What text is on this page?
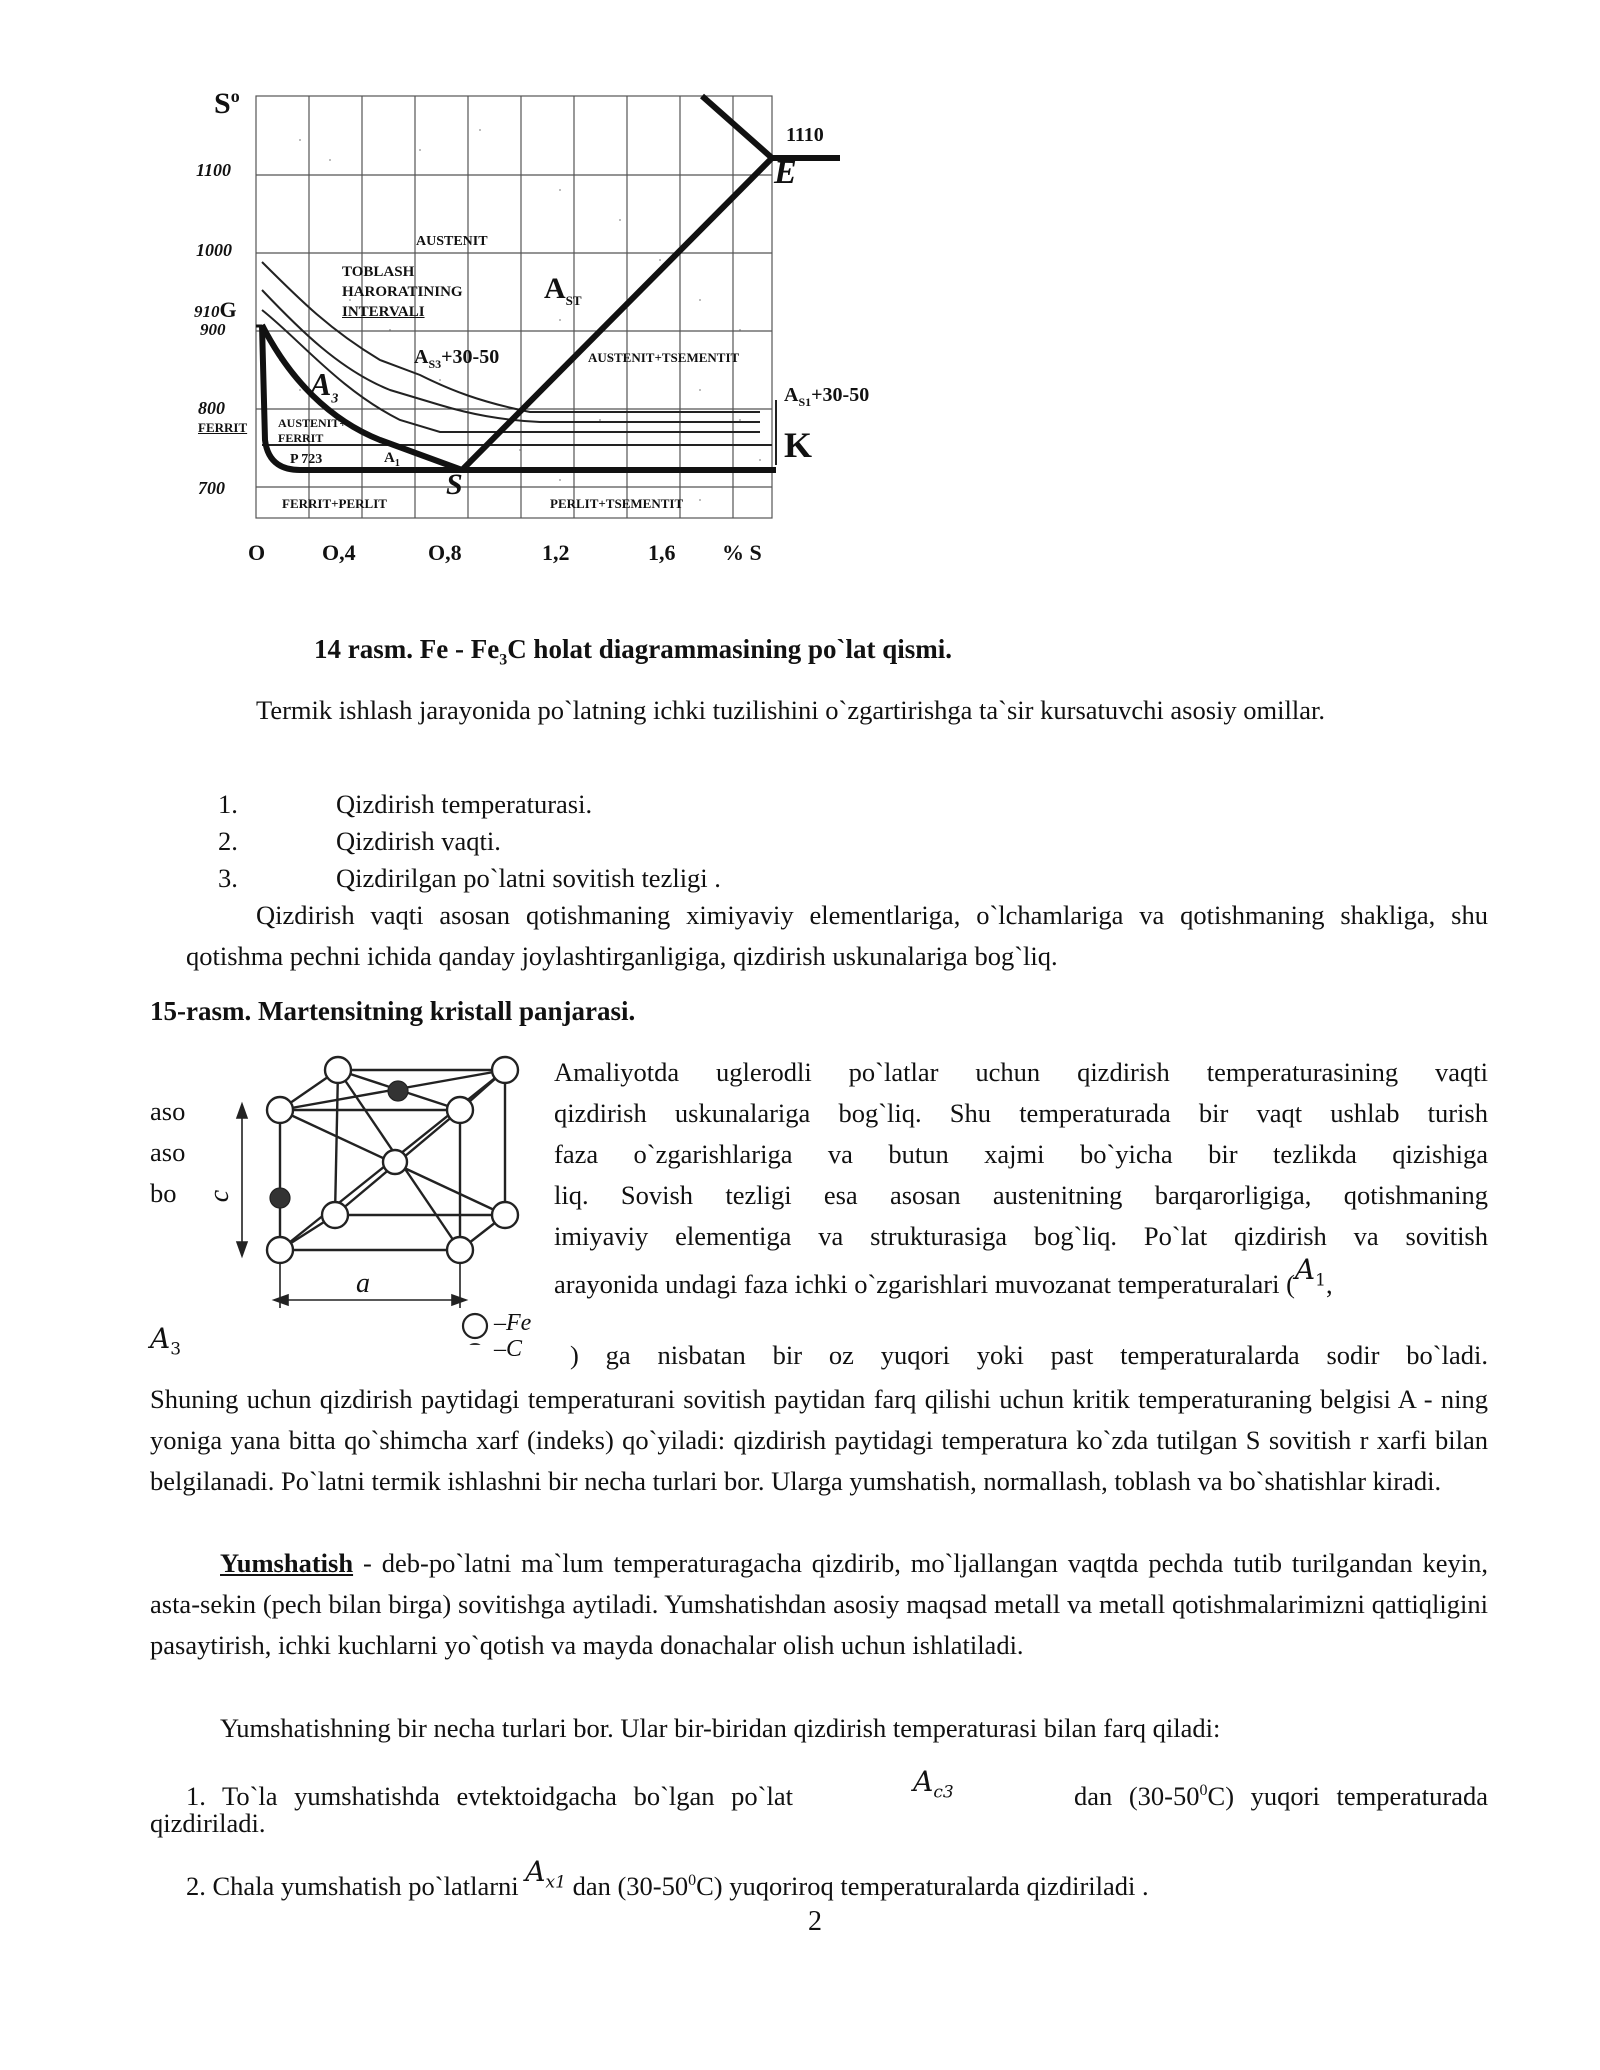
$S^o$
1100
1000
910G
900
800
FERRIT
700
O	O,4	O,8	1,2	1,6 % S
1110
E
K
S
AUSTENIT
TOBLASH
HARORATINING
INTERVALI
$A_{ST}$
$A_{S3}+30-50$
$A_3$
AUSTENIT+TSEMENTIT
$A_{S1}+30-50$
AUSTENIT+
FERRIT
P 723	$A_1$
FERRIT+PERLIT	PERLIT+TSEMENTIT
14 rasm. Fe - $Fe_3C$ holat diagrammasining po`lat qismi.
Termik ishlash jarayonida po`latning ichki tuzilishini o`zgartirishga ta`sir kursatuvchi asosiy omillar.
1.	Qizdirish temperaturasi.
2.	Qizdirish vaqti.
3.	Qizdirilgan po`latni sovitish tezligi .
Qizdirish vaqti asosan qotishmaning ximiyaviy elementlariga, o`lchamlariga va qotishmaning shakliga, shu qotishma pechni ichida qanday joylashtirganligiga, qizdirish uskunalariga bog`liq.
15-rasm. Martensitning kristall panjarasi.
c
a
–Fe
–C
Amaliyotda uglerodli po`latlar uchun qizdirish temperaturasining vaqti
qizdirish uskunalariga bog`liq. Shu temperaturada bir vaqt ushlab turish
faza o`zgarishlariga va butun xajmi bo`yicha bir tezlikda qizishiga
liq. Sovish tezligi esa asosan austenitning barqarorligiga, qotishmaning
imiyaviy elementiga va strukturasiga bog`liq. Po`lat qizdirish va sovitish
arayonida undagi faza ichki o`zgarishlari muvozanat temperaturalari ($A_1$,
aso
aso
bo
$A_3$	) ga nisbatan bir oz yuqori yoki past temperaturalarda sodir bo`ladi.
Shuning uchun qizdirish paytidagi temperaturani sovitish paytidan farq qilishi uchun kritik temperaturaning belgisi A - ning yoniga yana bitta qo`shimcha xarf (indeks) qo`yiladi: qizdirish paytidagi temperatura ko`zda tutilgan S sovitish r xarfi bilan belgilanadi. Po`latni termik ishlashni bir necha turlari bor. Ularga yumshatish, normallash, toblash va bo`shatishlar kiradi.
Yumshatish - deb-po`latni ma`lum temperaturagacha qizdirib, mo`ljallangan vaqtda pechda tutib turilgandan keyin, asta-sekin (pech bilan birga) sovitishga aytiladi. Yumshatishdan asosiy maqsad metall va metall qotishmalarimizni qattiqligini pasaytirish, ichki kuchlarni yo`qotish va mayda donachalar olish uchun ishlatiladi.
Yumshatishning bir necha turlari bor. Ular bir-biridan qizdirish temperaturasi bilan farq qiladi:
1. To`la yumshatishda evtektoidgacha bo`lgan po`lat	$A_{c3}$	dan $(30-50^0C)$ yuqori temperaturada
qizdiriladi.
2. Chala yumshatish po`latlarni $A_{x1}$ dan $(30-50^0C)$ yuqoriroq temperaturalarda qizdiriladi .
2
